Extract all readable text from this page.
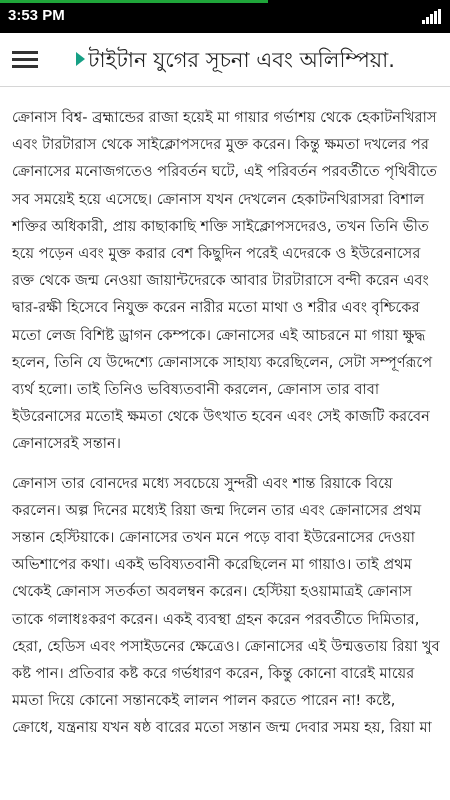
3:53 PM
টাইটান যুগের সূচনা এবং অলিম্পিয়া.

ক্রোনাস বিশ্ব- ব্রহ্মান্ডের রাজা হয়েই মা গায়ার গর্ভাশয় থেকে হেকাটনখিরাস এবং টারটারাস থেকে সাইক্লোপসদের মুক্ত করেন। কিন্তু ক্ষমতা দখলের পর ক্রোনাসের মনোজগতেও পরিবর্তন ঘটে, এই পরিবর্তন পরবর্তীতে পৃথিবীতে সব সময়েই হয়ে এসেছে। ক্রোনাস যখন দেখলেন হেকাটনখিরাসরা বিশাল শক্তির অধিকারী, প্রায় কাছাকাছি শক্তি সাইক্লোপসদেরও, তখন তিনি ভীত হয়ে পড়েন এবং মুক্ত করার বেশ কিছুদিন পরেই এদেরকে ও ইউরেনাসের রক্ত থেকে জন্ম নেওয়া জায়ান্টদেরকে আবার টারটারাসে বন্দী করেন এবং দ্বার-রক্ষী হিসেবে নিযুক্ত করেন নারীর মতো মাথা ও শরীর এবং বৃশ্চিকের মতো লেজ বিশিষ্ট ড্রাগন কেম্পকে। ক্রোনাসের এই আচরনে মা গায়া ক্ষুদ্ধ হলেন, তিনি যে উদ্দেশ্যে ক্রোনাসকে সাহায্য করেছিলেন, সেটা সম্পূর্ণরূপে ব্যর্থ হলো। তাই তিনিও ভবিষ্যতবানী করলেন, ক্রোনাস তার বাবা ইউরেনাসের মতোই ক্ষমতা থেকে উৎখাত হবেন এবং সেই কাজটি করবেন ক্রোনাসেরই সন্তান।

ক্রোনাস তার বোনদের মধ্যে সবচেয়ে সুন্দরী এবং শান্ত রিয়াকে বিয়ে করলেন। অল্প দিনের মধ্যেই রিয়া জন্ম দিলেন তার এবং ক্রোনাসের প্রথম সন্তান হেস্টিয়াকে। ক্রোনাসের তখন মনে পড়ে বাবা ইউরেনাসের দেওয়া অভিশাপের কথা। একই ভবিষ্যতবানী করেছিলেন মা গায়াও। তাই প্রথম থেকেই ক্রোনাস সতর্কতা অবলম্বন করেন। হেস্টিয়া হওয়ামাত্রই ক্রোনাস তাকে গলাধঃকরণ করেন। একই ব্যবস্থা গ্রহন করেন পরবর্তীতে দিমিতার, হেরা, হেডিস এবং পসাইডনের ক্ষেত্রেও। ক্রোনাসের এই উন্মত্ততায় রিয়া খুব কষ্ট পান। প্রতিবার কষ্ট করে গর্ভধারণ করেন, কিন্তু কোনো বারেই মায়ের মমতা দিয়ে কোনো সন্তানকেই লালন পালন করতে পারেন না! কষ্টে, ক্রোধে, যন্ত্রনায় যখন ষষ্ঠ বারের মতো সন্তান জন্ম দেবার সময় হয়, রিয়া মা
